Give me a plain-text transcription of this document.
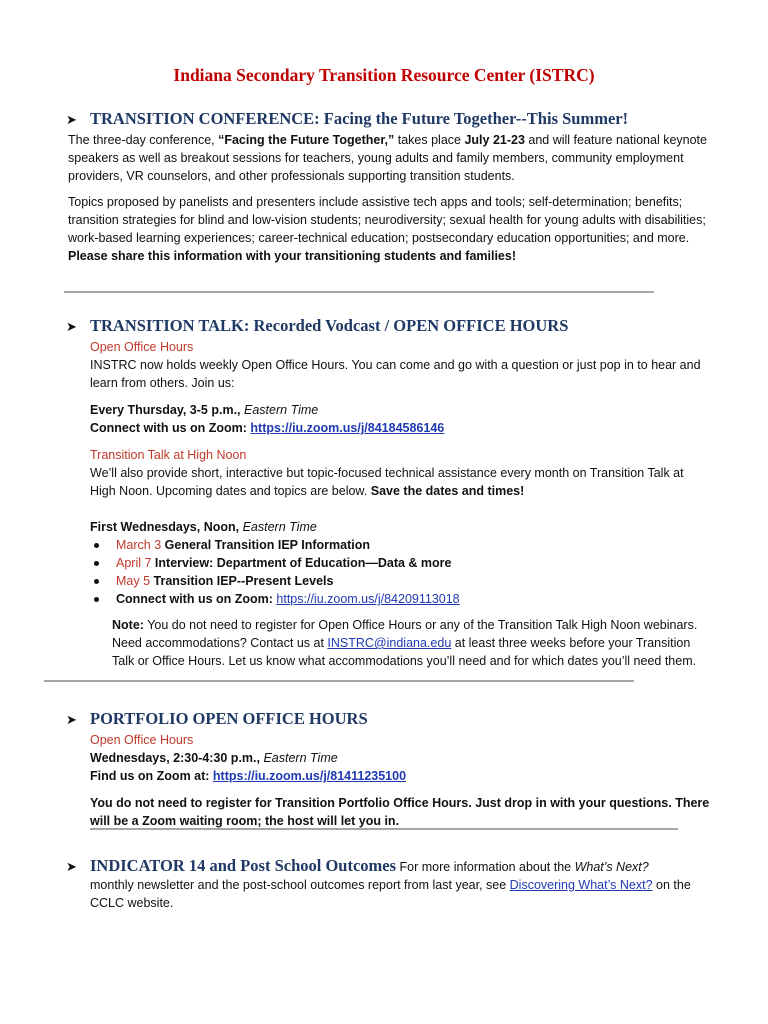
Indiana Secondary Transition Resource Center (ISTRC)
➤ TRANSITION CONFERENCE: Facing the Future Together--This Summer!

The three-day conference, “Facing the Future Together,” takes place July 21-23 and will feature national keynote speakers as well as breakout sessions for teachers, young adults and family members, community employment providers, VR counselors, and other professionals supporting transition students.

Topics proposed by panelists and presenters include assistive tech apps and tools; self-determination; benefits; transition strategies for blind and low-vision students; neurodiversity; sexual health for young adults with disabilities; work-based learning experiences; career-technical education; postsecondary education opportunities; and more.

Please share this information with your transitioning students and families!

➤ TRANSITION TALK: Recorded Vodcast / OPEN OFFICE HOURS

Open Office Hours

INSTRC now holds weekly Open Office Hours. You can come and go with a question or just pop in to hear and learn from others. Join us:

Every Thursday, 3-5 p.m., Eastern Time

Connect with us on Zoom: https://iu.zoom.us/j/84184586146

Transition Talk at High Noon

We’ll also provide short, interactive but topic-focused technical assistance every month on Transition Talk at High Noon. Upcoming dates and topics are below. Save the dates and times!

First Wednesdays, Noon, Eastern Time

March 3 General Transition IEP Information
April 7 Interview: Department of Education—Data & more
May 5 Transition IEP--Present Levels
Connect with us on Zoom: https://iu.zoom.us/j/84209113018

Note: You do not need to register for Open Office Hours or any of the Transition Talk High Noon webinars. Need accommodations? Contact us at INSTRC@indiana.edu at least three weeks before your Transition Talk or Office Hours. Let us know what accommodations you’ll need and for which dates you’ll need them.

➤ PORTFOLIO OPEN OFFICE HOURS

Open Office Hours

Wednesdays, 2:30-4:30 p.m., Eastern Time

Find us on Zoom at: https://iu.zoom.us/j/81411235100

You do not need to register for Transition Portfolio Office Hours. Just drop in with your questions. There will be a Zoom waiting room; the host will let you in.

➤ INDICATOR 14 and Post School Outcomes For more information about the What’s Next?

monthly newsletter and the post-school outcomes report from last year, see Discovering What’s Next? on the CCLC website.
